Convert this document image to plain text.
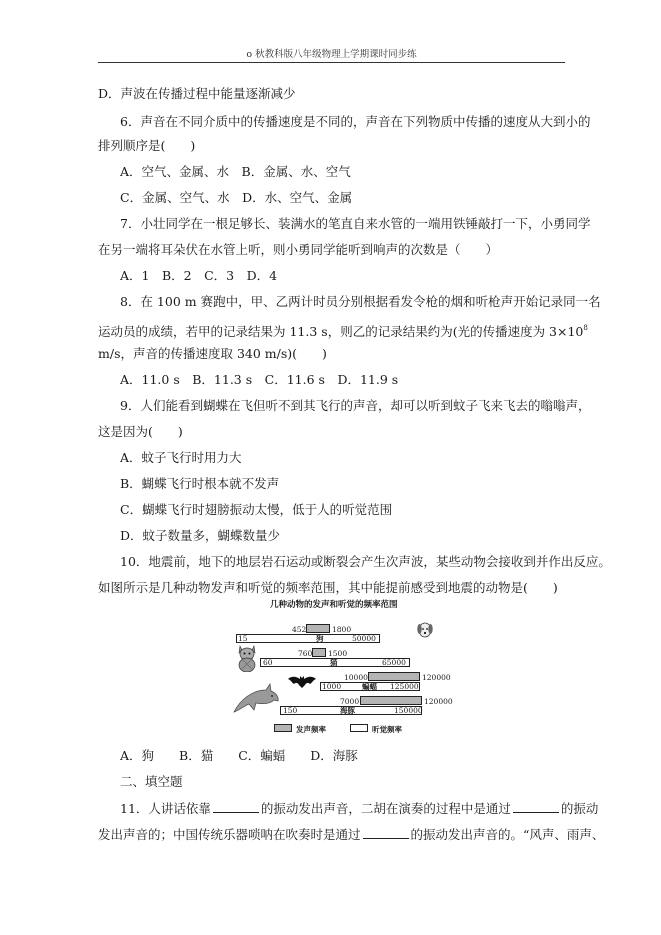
o 秋教科版八年级物理上学期课时同步练
D．声波在传播过程中能量逐渐减少
6．声音在不同介质中的传播速度是不同的，声音在下列物质中传播的速度从大到小的
排列顺序是(　　)
A．空气、金属、水　B．金属、水、空气
C．金属、空气、水　D．水、空气、金属
7．小壮同学在一根足够长、装满水的笔直自来水管的一端用铁锤敲打一下，小勇同学
在另一端将耳朵伏在水管上听，则小勇同学能听到响声的次数是（　　）
A．1　B．2　C．3　D．4
8．在 100 m 赛跑中，甲、乙两计时员分别根据看发令枪的烟和听枪声开始记录同一名
运动员的成绩，若甲的记录结果为 11.3 s，则乙的记录结果约为(光的传播速度为 $3\times 10^8$
m/s，声音的传播速度取 340 m/s)(　　)
A．11.0 s　B．11.3 s　C．11.6 s　D．11.9 s
9．人们能看到蝴蝶在飞但听不到其飞行的声音，却可以听到蚊子飞来飞去的嗡嗡声，
这是因为(　　)
A．蚊子飞行时用力大
B．蝴蝶飞行时根本就不发声
C．蝴蝶飞行时翅膀振动太慢，低于人的听觉范围
D．蚊子数量多，蝴蝶数量少
10．地震前，地下的地层岩石运动或断裂会产生次声波，某些动物会接收到并作出反应。
如图所示是几种动物发声和听觉的频率范围，其中能提前感受到地震的动物是(　　)
几种动物的发声和听觉的频率范围
452	1800
15	狗	50000
760 1500
60	猫	65000
10000	120000
1000	蝙蝠 125000
7000	120000
150	海豚	150000
发声频率	听觉频率
A．狗　　B．猫　　C．蝙蝠　　D．海豚
二、填空题
11．人讲话依靠	的振动发出声音，二胡在演奏的过程中是通过	的振动
发出声音的；中国传统乐器唢呐在吹奏时是通过	的振动发出声音的。“风声、雨声、
